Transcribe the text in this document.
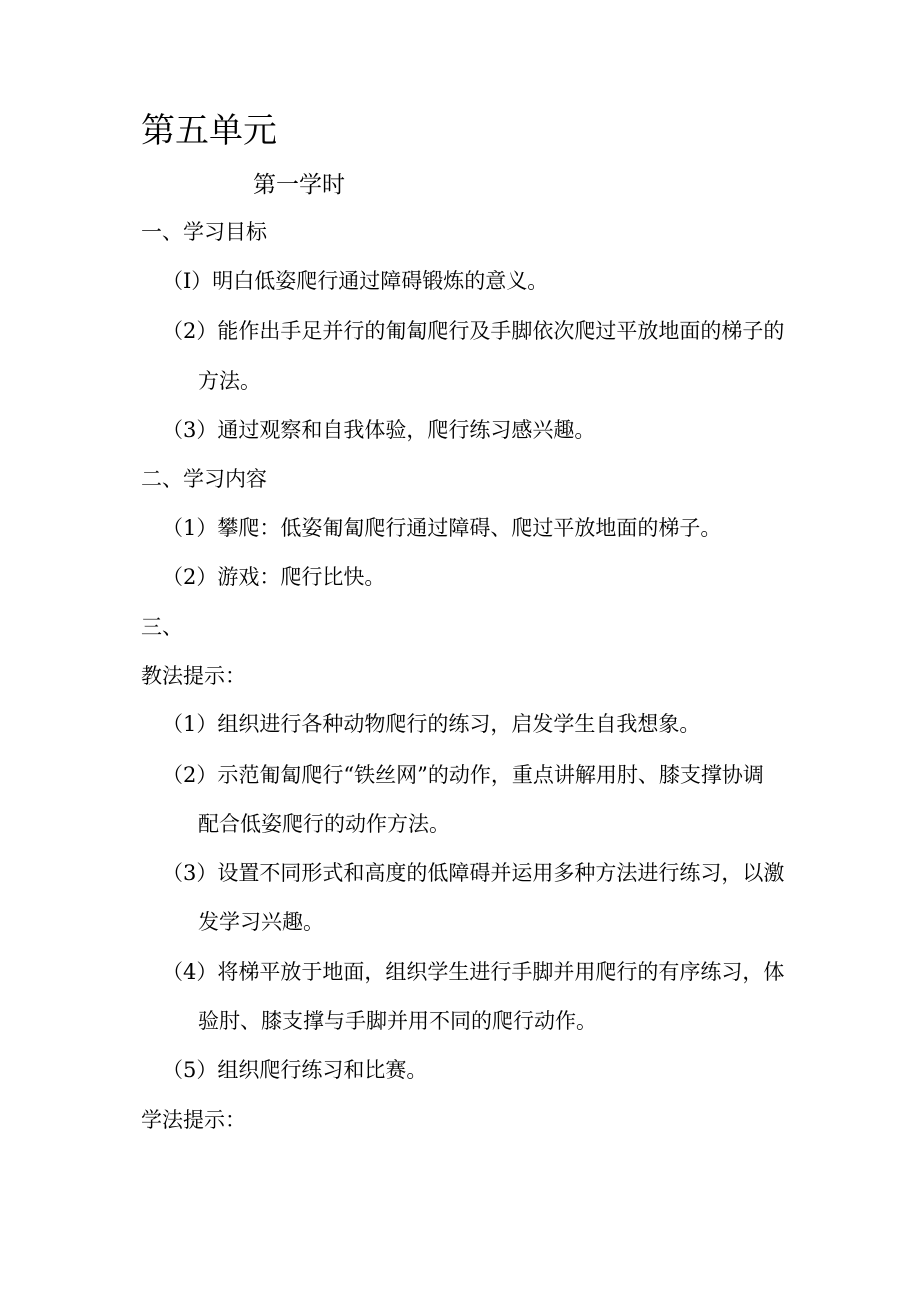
第五单元
第一学时
一、学习目标
（I）明白低姿爬行通过障碍锻炼的意义。
（2）能作出手足并行的匍匐爬行及手脚依次爬过平放地面的梯子的
方法。
（3）通过观察和自我体验，爬行练习感兴趣。
二、学习内容
（1）攀爬：低姿匍匐爬行通过障碍、爬过平放地面的梯子。
（2）游戏：爬行比快。
三、
教法提示：
（1）组织进行各种动物爬行的练习，启发学生自我想象。
（2）示范匍匐爬行“铁丝网”的动作，重点讲解用肘、膝支撑协调
配合低姿爬行的动作方法。
（3）设置不同形式和高度的低障碍并运用多种方法进行练习，以激
发学习兴趣。
（4）将梯平放于地面，组织学生进行手脚并用爬行的有序练习，体
验肘、膝支撑与手脚并用不同的爬行动作。
（5）组织爬行练习和比赛。
学法提示：
